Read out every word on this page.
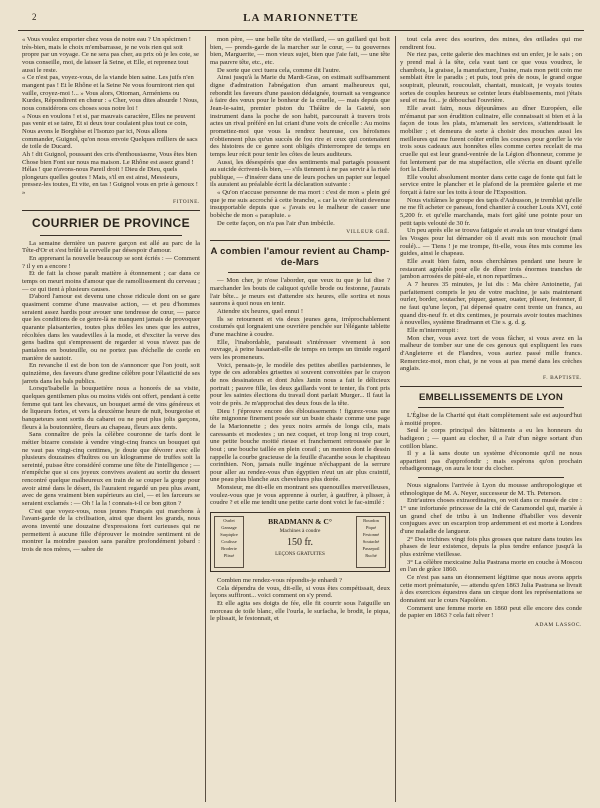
2	LA MARIONNETTE

« Vous voulez emporter chez vous de notre eau ? Un spécimen ! très-bien, mais le choix m'embarrasse, je ne vois rien qui soit propre par un voyage. Ce ne sera pas cher, au prix où je les cote, se vous conseille, moi, de laisser là Seine, et Elle, et reprenez tout aussi le reste.

« Ce n'est pas, voyez-vous, de la viande bien saine. Les juifs n'en mangent pas ! Et le Rhône et la Seine Ne vous fourniront rien qui vaille, croyez-moi !... » Vous alors, Ottoman, Arméniens ou Kurdes, Répondirent en chœur : « Cher, vous dites absurde ! Nous, nous considérons ces choses sous notre loi !

« Nous en voulons ! et si, par mauvais caractère, Elles ne peuvent pas venir et se taire, Et si deux tour coulaient plus tout ce coin, Nous avons le Borghèse et l'Isonzo par ici, Nous allons commander, Guignol, qu'on nous envoie Quelques milliers de sacs de toile de Ducard.

Ah ! dit Guignol, poussant des cris d'enthousiasme, Vous êtes bien Chose bien Font sur nous ma maison. Le Rhône est assez grand ! Hélas ! que n'avons-nous Pareil droit ! Dieu de Dieu, quels plongeurs quelles goutes ! Mais, s'il en est ainsi, Messieurs, pressez-les toutes, Et vite, en tas ! Guignol vous en prie à genoux ! »

FITOINE.
COURRIER DE PROVINCE

La semaine dernière un pauvre garçon est allé au parc de la Tête-d'Or et s'est brûlé la cervelle par désespoir d'amour.

En apprenant la nouvelle beaucoup se sont écriés : — Comment ? il y en a encore !

Et de fait la chose paraît matière à étonnement ; car dans ce temps on meurt moins d'amour que de ramollissement du cerveau ; — ce qui tient à plusieurs causes.

D'abord l'amour est devenu une chose ridicule dont on se gare quasiment comme d'une mauvaise action, — et peu d'hommes seraient assez hardis pour avouer une tendresse de cœur, — parce que les conditions de ce genre-là ne manquent jamais de provoquer quarante plaisanteries, toutes plus drôles les unes que les autres, récoltées dans les vaudevilles à la mode, et d'exciter la verve des gens badins qui s'empressent de regarder si vous n'avez pas de pantalons en bouteuille, ou ne portez pas d'échelle de corde en manière de sautoir.

En revanche il est de bon ton de s'annoncer que l'on jouit, soit quinzième, des faveurs d'une gredine célèbre pour l'élasticité de ses jarrets dans les bals publics.

Lorsqu'Isabelle la bouquetière nous a honorés de sa visite, quelques gentilsmen plus ou moins vidés ont offert, pendant à cette femme qui tant les chevaux, un bouquet armé de vins généreux et de liqueurs fortes, et vers la deuxième heure de nuit, bourgeoise et banqueteurs sont sortis du cabaret ou ne peut plus jolis garçons, fleurs à la boutonnière, fleurs au chapeau, fleurs aux dents.

Sans connaître de près la célèbre couronne de tarfs dont le métier bizarre consiste à vendre vingt-cinq francs un bouquet qui ne vaut pas vingt-cinq centimes, je doute que dévorer avec elle plusieurs douzaines d'huîtres ou un kilogramme de truffes soit la sereinté, puisse être considéré comme une fête de l'intelligence ; — n'empêche que si ces joyeux convives avaient au sortir du dessert rencontré quelque malheureux en train de se couper la gorge pour avoir aimé dans le désert, ils l'auraient regardé un peu plus avant, avec de gens vraiment bien supérieurs au ciel, — et les farceurs se seraient exclamés : — Oh ! la la ! connais-t-il ce bon giton ?

C'est que voyez-vous, nous jeunes Français qui marchons à l'avant-garde de la civilisation, ainsi que disent les grands, nous avons inventé une douzaine d'expressions fort curieuses qui ne permettent à aucune fille d'éprouver le moindre sentiment ni de montrer la moindre passion sans paraître profondément jobard : trois de nos mères, — sabre de

mon père, — une belle tête de vieillard, — un guillard qui boit bien, — prends-garde de la marcher sur le cœur, — tu gouvernes bien, Marguerite, — mon vieux sujet, bien que j'aie fait, — une tête ma pauvre tête, etc., etc.

De sorte que ceci tuera cela, comme dit l'autre.

Ainsi jusqu'à la Marie du Mardi-Gras, on estimait suffisamment digne d'admiration l'abnégation d'un amant malheureux qui, rebondit les faveurs d'une passion dédaignée, tournait sa vengeance à faire des vœux pour le bonheur de la cruelle, — mais depuis que Jean-le-saint, premier piston du Théâtre de la Gaieté, son instrument dans la poche de son habit, parcourait à travers trois actes un rival préféré en lui criant d'une voix de crécelle : Au moins promettez-moi que vous la rendrez heureuse, ces héroïsmes n'obtiennent plus qu'un succès de fou rire et ceux qui contenaient des histoires de ce genre sont obligés d'interrompre de temps en temps leur récit pour tenir les côtes de leurs auditeurs.

Aussi, les désespérés que des sentiments mal partagés poussent au suicide écrivent-ils bien, — s'ils tiennent à ne pas servir à la risée publique, — d'insérer dans une de leurs poches un papier sur lequel ils auraient au préalable écrit la déclaration suivante :

« Qu'on n'accuse personne de ma mort : c'est de mon « plein gré que je me suis accroché à cette branche, « car la vie m'était devenue insupportable depuis que « j'avais eu le malheur de casser une bobèche de mon « parapluie. »

De cette façon, on n'a pas l'air d'un imbécile.

VILLEUR GRÉ.
A combien l'amour revient au Champ-de-Mars

— Mon cher, je n'ose l'aborder, que veux tu que je lui dise ? marchander les bouts de caliquot qu'elle brode ou festonne, j'aurais l'air bête... je meurs est d'attendre six heures, elle sortira et nous saurons à quoi nous en tenir.

Attendre six heures, quel ennui !

Ils se retournent et vis deux jeunes gens, irréprochablement costumés qui lorgnaient une ouvrière penchée sur l'élégante tablette d'une machine à coudre.

Elle, l'inabordable, paraissait s'intéresser vivement à son ouvrage, à peine hasardait-elle de temps en temps un timide regard vers les promeneurs.

Voici, pensais-je, le modèle des petites abeilles parisiennes, le type de ces adorables grisettes si souvent convoitées par le crayon de nos dessinateurs et dont Jules Janin nous a fait le délicieux portrait ; pauvre fille, les deux gaillards vont te tenter, ils t'ont pris pour les saintes élections du travail dont parlait Murger... Il faut la voir de près. Je m'approchai des deux fous de la tête.

Dieu ! j'éprouve encore des éblouissements ! figurez-vous une tête mignonne finement posée sur un buste chaste comme une page de la Marionnette ; des yeux noirs armés de longs cils, mais caressants et modestes ; un nez coquet, et trop long ni trop court, une petite bouche moitié rieuse et franchement retroussée par le bout ; une bouche taillée en plein corail ; un menton dont le dessin rappelle la courbe gracieuse de la feuille d'acanthe sous le chapiteau corinthien. Non, jamais nulle ingénue n'échappant de la serrure pour aller au rendez-vous d'un égyptien n'eut un air plus craintif, une peau plus blanche aux chevelures plus dorée.

Monsieur, me dit-elle en montrant ses quenouilles merveilleuses, voulez-vous que je vous apprenne à ourler, à gauffrer, à plisser, à coudre ? et elle me tendit une petite carte dont voici le fac-similé :

Ourlet
Gansage
Surpiqûre
Coulisse
Broderie
Plissé
BRADMANN & C°
Machines à coudre
150 fr.
LEÇONS GRATUITES
Bourdon
Piqué
Festonné
Soutaché
Passepoil
Ruché

Combien me rendez-vous répondis-je enhardi ?

Cela dépendra de vous, dit-elle, si vous êtes compétissait, deux leçons suffiront... voici comment on s'y prend.

Et elle agita ses doigts de fée, elle fit courrir sous l'aiguille un morceau de toile blanc, elle l'ourla, le surfacha, le brodit, le piqua, le plissait, le festonnait, et

tout cela avec des sourires, des mines, des œillades qui me rendirent fou.

Ne riez pas, cette galerie des machines est un enfer, je le sais ; on y prend mal à la tête, cela vaut tant ce que vous voudrez, le chambois, la graisse, la manufacture, l'usine, mais mon petit coin me semblait être le paradis ; et puis, tout près de nous, le grand orgue soupirait, pleurait, roucoulait, chantait, musicait, je voyais toutes sortes de couples heureux se ceinter leurs établissements, moi j'étais seul et ma foi... je débouchai l'ouvrière.

Elle avait faim, nous déjeunâmes au dîner Européen, elle m'émanut par son érudition culinaire, elle connaissait si bien et à la façon de tous les plats, m'amenait les services, s'attendrissait le mobilier ; et demeura de sorte à choisir des mouches aussi les meilleures qui me furent coûter enfin les courses pour gonfler la vie trois sous cadeaux aux honnêtes elles comme certes recelait de ma cruelle qui est leur grand-ventrée de la Légion d'honneur, comme je fut lentement par de ma stupéfaction, elle s'écria en disant qu'elle fort la Liberté.

Elle voulut absolument monter dans cette cage de fonte qui fait le service entre le plancher et le plafond de la première galerie et me forçait à faire sur les toits à tour de l'Exposition.

Nous visitâmes le groupe des tapis d'Aubusson, je tremblai qu'elle ne me fît acheter ce paneau, fond chantier à coucher Louis XVI, coté 5,200 fr. et qu'elle marchanda, mais fort gâté une pointe pour un petit tapis velouté de 30 fr.

Un peu après elle se trouva fatiguée et avala un tour vinaigré dans les Vosges pour lui démander où il avait mis son mouchoir (mal roulé)... — Tiens ! je me trompe, fit-elle, vous êtes mis comme les guides, ainsi le chapeau.

Elle avait bien faim, nous cherchâmes pendant une heure le restaurant agréable pour elle de dîner trois énormes tranches de jambon arrosées de pâté-ale, et non repartîmes...

A 7 heures 35 minutes, je lui dis : Ma chère Antoinette, j'ai parfaitement compris le jeu de votre machine, je sais maintenant ourler, border, soutacher, piquer, ganser, ouater, plisser, festonner, il ne faut qu'une leçon, j'ai dépensé quatre cent trente un francs, au quand dix-neuf fr. et dix centimes, je pourrais avoir toutes machines à nouvelles, système Bradmann et Cie s. g. d. g.

Elle m'interrompit :

Mon cher, vous avez tort de vous fâcher, si vous avez en la malheur de tomber sur une de ces genoux qui expliquent les rues d'Angleterre et de Flandres, vous auriez passé mille francs. Remerciez-moi, mon chat, je ne vous ai pas mené dans les crèches anglais.

F. BAPTISTE.
EMBELLISSEMENTS DE LYON

L'Église de la Charité qui était complètement sale est aujourd'hui à moitié propre.

Seul le corps principal des bâtiments a eu les honneurs du badigeon ; — quant au clocher, il a l'air d'un nègre sortant d'un cotillon blanc.

Il y a là sans doute un système d'économie qu'il ne nous appartient pas d'approfondir ; mais espérons qu'on prochain rebadigeonnage, on aura le tour du clocher.

Nous signalons l'arrivée à Lyon du mousse anthropologique et ethnologique de M. A. Neyer, successeur de M. Th. Peterson.

Entr'autres choses extraordinaires, on voit dans ce musée de cire : 1° une infortunée princesse de la cité de Caramondel qui, mariée à un grand chef de tribu à un Indienne d'habiller vos devenir conjugues avec un escarpion trop ardemment et est morte à Londres d'une maladie de langueur.

2° Des trichines vingt fois plus grosses que nature dans toutes les phases de leur existence, depuis la plus tendre enfance jusqu'à la plus extrême vieillesse.

3° La célèbre mexicaine Julia Pastrana morte en couche à Moscou en l'an de grâce 1860.

Ce n'est pas sans un étonnement légitime que nous avons appris cette mort prématurée, — attendu qu'en 1863 Julia Pastrana se livrait à des exercices équestres dans un cirque dont les représentations se donnaient sur le cours Napoléon.

Comment une femme morte en 1860 peut elle encore des conde de papier en 1863 ? cela fait rêver !

ADAM LASSOC.
